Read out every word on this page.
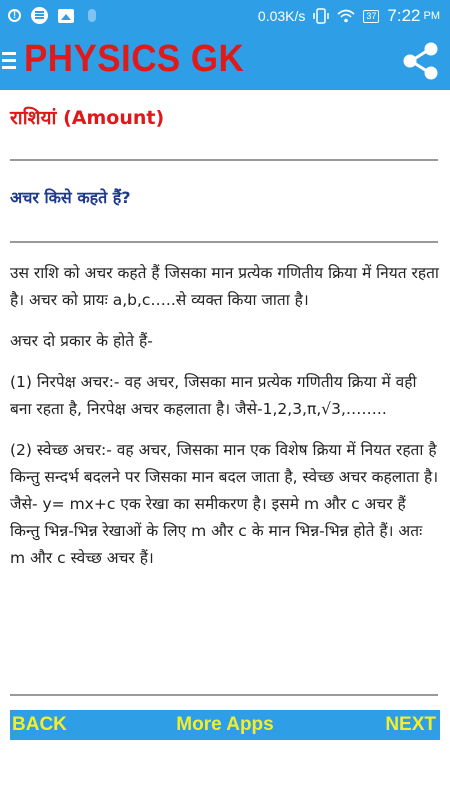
!	0.03K/s	37 7:22 PM
PHYSICS GK
राशियां (Amount)
अचर किसे कहते हैं?

उस राशि को अचर कहते हैं जिसका मान प्रत्येक गणितीय क्रिया में नियत रहता है। अचर को प्रायः a,b,c…..से व्यक्त किया जाता है।

अचर दो प्रकार के होते हैं-

(1) निरपेक्ष अचर:- वह अचर, जिसका मान प्रत्येक गणितीय क्रिया में वही बना रहता है, निरपेक्ष अचर कहलाता है। जैसे-1,2,3,π,√3,……..

(2) स्वेच्छ अचर:- वह अचर, जिसका मान एक विशेष क्रिया में नियत रहता है किन्तु सन्दर्भ बदलने पर जिसका मान बदल जाता है, स्वेच्छ अचर कहलाता है।
जैसे- y= mx+c एक रेखा का समीकरण है। इसमे m और c अचर हैं किन्तु भिन्न-भिन्न रेखाओं के लिए m और c के मान भिन्न-भिन्न होते हैं। अतः m और c स्वेच्छ अचर हैं।
More Apps
BACK	NEXT
